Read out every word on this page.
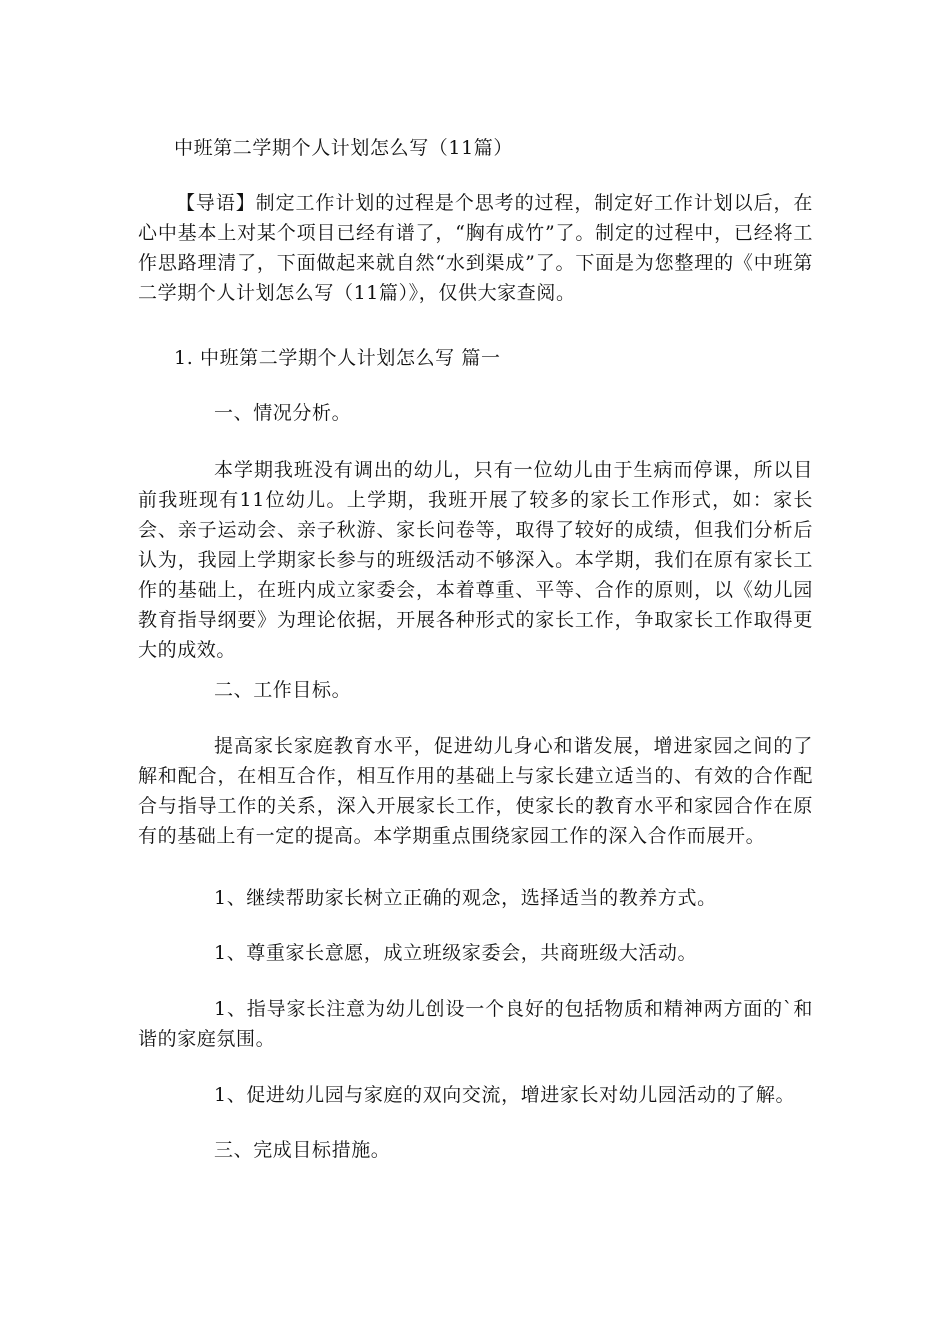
中班第二学期个人计划怎么写（11篇）

【导语】制定工作计划的过程是个思考的过程，制定好工作计划以后，在心中基本上对某个项目已经有谱了，“胸有成竹”了。制定的过程中，已经将工作思路理清了，下面做起来就自然“水到渠成”了。下面是为您整理的《中班第二学期个人计划怎么写（11篇）》，仅供大家查阅。

1. 中班第二学期个人计划怎么写 篇一

一、情况分析。

本学期我班没有调出的幼儿，只有一位幼儿由于生病而停课，所以目前我班现有11位幼儿。上学期，我班开展了较多的家长工作形式，如：家长会、亲子运动会、亲子秋游、家长问卷等，取得了较好的成绩，但我们分析后认为，我园上学期家长参与的班级活动不够深入。本学期，我们在原有家长工作的基础上，在班内成立家委会，本着尊重、平等、合作的原则，以《幼儿园教育指导纲要》为理论依据，开展各种形式的家长工作，争取家长工作取得更大的成效。

二、工作目标。

提高家长家庭教育水平，促进幼儿身心和谐发展，增进家园之间的了解和配合，在相互合作，相互作用的基础上与家长建立适当的、有效的合作配合与指导工作的关系，深入开展家长工作，使家长的教育水平和家园合作在原有的基础上有一定的提高。本学期重点围绕家园工作的深入合作而展开。

1、继续帮助家长树立正确的观念，选择适当的教养方式。

1、尊重家长意愿，成立班级家委会，共商班级大活动。

1、指导家长注意为幼儿创设一个良好的包括物质和精神两方面的`和谐的家庭氛围。

1、促进幼儿园与家庭的双向交流，增进家长对幼儿园活动的了解。

三、完成目标措施。
